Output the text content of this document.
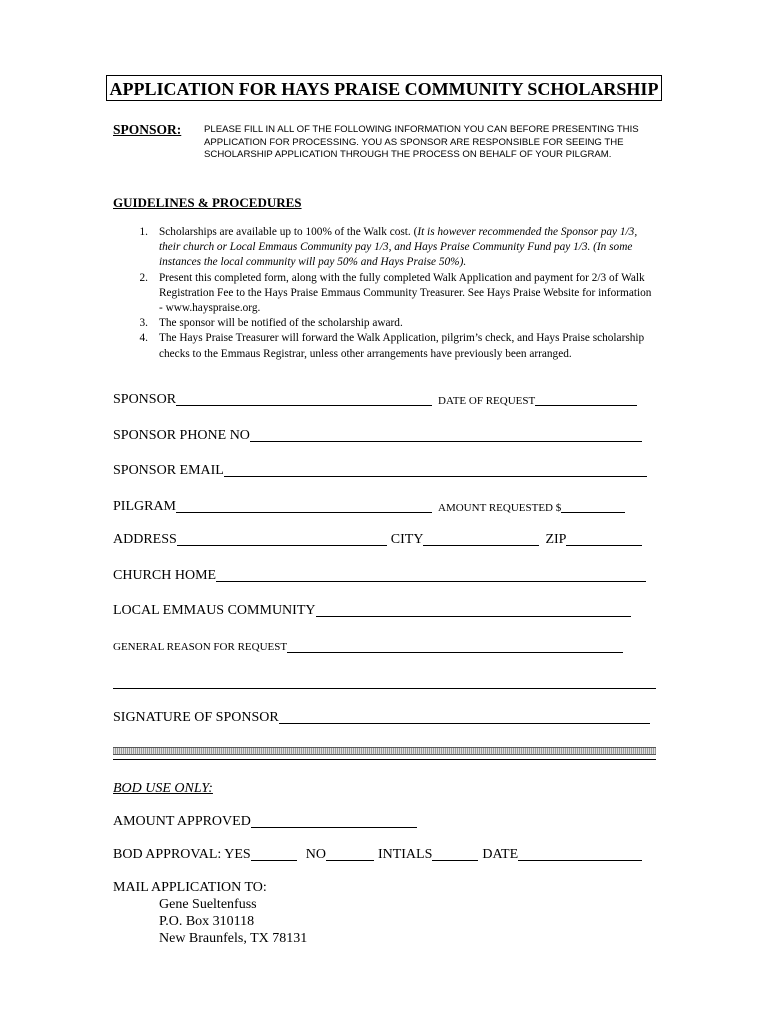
APPLICATION FOR HAYS PRAISE COMMUNITY SCHOLARSHIP
SPONSOR: PLEASE FILL IN ALL OF THE FOLLOWING INFORMATION YOU CAN BEFORE PRESENTING THIS APPLICATION FOR PROCESSING. YOU AS SPONSOR ARE RESPONSIBLE FOR SEEING THE SCHOLARSHIP APPLICATION THROUGH THE PROCESS ON BEHALF OF YOUR PILGRAM.
GUIDELINES & PROCEDURES
1. Scholarships are available up to 100% of the Walk cost. (It is however recommended the Sponsor pay 1/3, their church or Local Emmaus Community pay 1/3, and Hays Praise Community Fund pay 1/3. (In some instances the local community will pay 50% and Hays Praise 50%).
2. Present this completed form, along with the fully completed Walk Application and payment for 2/3 of Walk Registration Fee to the Hays Praise Emmaus Community Treasurer. See Hays Praise Website for information - www.hayspraise.org.
3. The sponsor will be notified of the scholarship award.
4. The Hays Praise Treasurer will forward the Walk Application, pilgrim’s check, and Hays Praise scholarship checks to the Emmaus Registrar, unless other arrangements have previously been arranged.
SPONSOR	DATE OF REQUEST
SPONSOR PHONE NO
SPONSOR EMAIL
PILGRAM	AMOUNT REQUESTED $
ADDRESS	CITY	ZIP
CHURCH HOME
LOCAL EMMAUS COMMUNITY
GENERAL REASON FOR REQUEST
SIGNATURE OF SPONSOR
BOD USE ONLY:
AMOUNT APPROVED
BOD APPROVAL: YES	NO	INTIALS	DATE
MAIL APPLICATION TO:
Gene Sueltenfuss
P.O. Box 310118
New Braunfels, TX 78131
